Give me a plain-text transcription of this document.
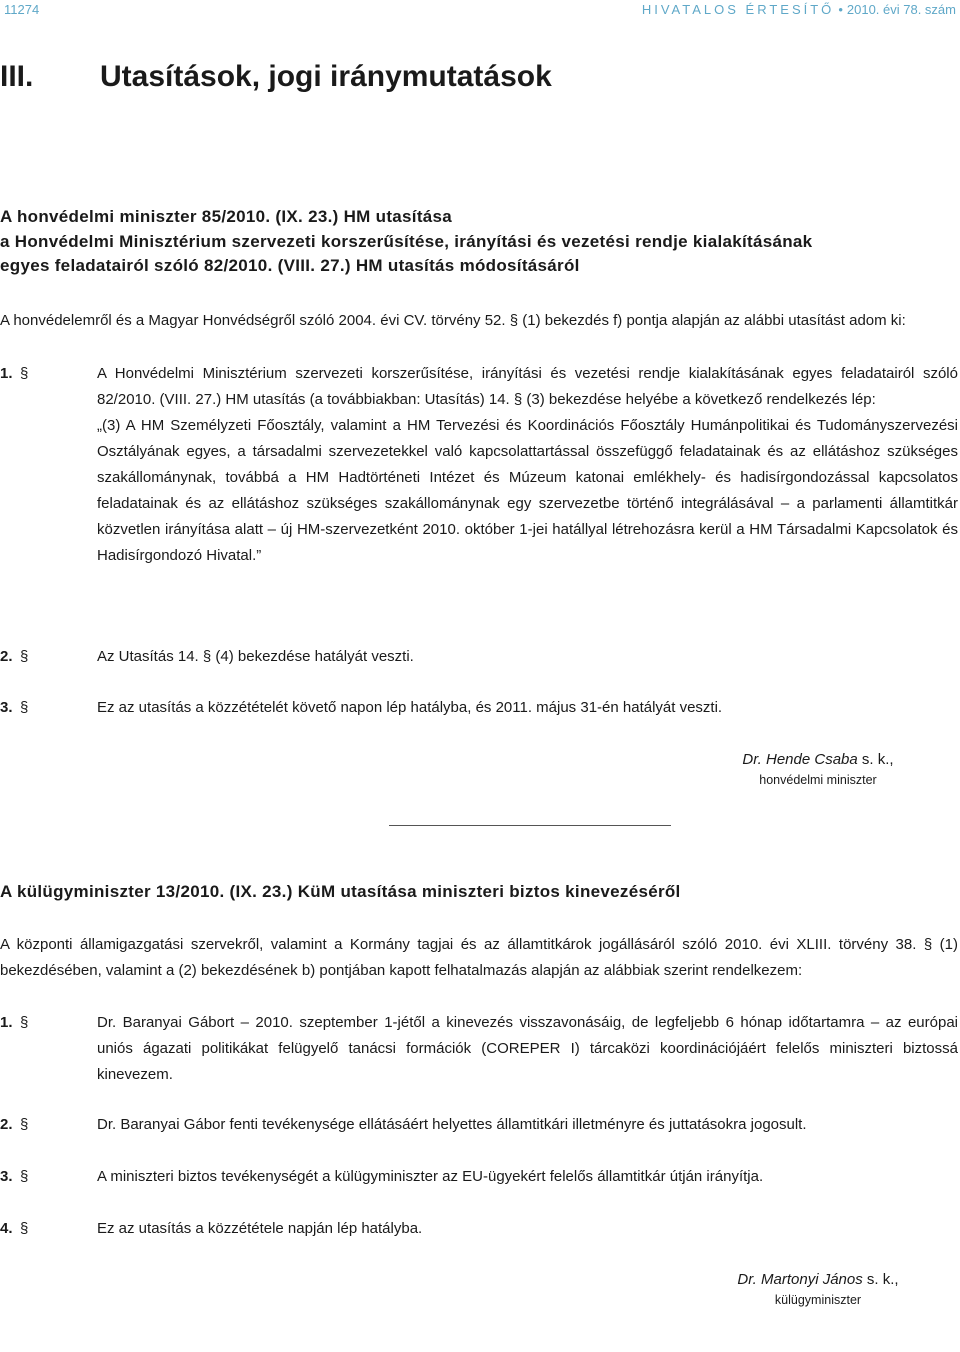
11274	HIVATALOS ÉRTESÍTŐ • 2010. évi 78. szám
III. Utasítások, jogi iránymutatások
A honvédelmi miniszter 85/2010. (IX. 23.) HM utasítása
a Honvédelmi Minisztérium szervezeti korszerűsítése, irányítási és vezetési rendje kialakításának
egyes feladatairól szóló 82/2010. (VIII. 27.) HM utasítás módosításáról
A honvédelemről és a Magyar Honvédségről szóló 2004. évi CV. törvény 52. § (1) bekezdés f) pontja alapján az alábbi utasítást adom ki:
1. §	A Honvédelmi Minisztérium szervezeti korszerűsítése, irányítási és vezetési rendje kialakításának egyes feladatairól szóló 82/2010. (VIII. 27.) HM utasítás (a továbbiakban: Utasítás) 14. § (3) bekezdése helyébe a következő rendelkezés lép:

„(3) A HM Személyzeti Főosztály, valamint a HM Tervezési és Koordinációs Főosztály Humánpolitikai és Tudományszervezési Osztályának egyes, a társadalmi szervezetekkel való kapcsolattartással összefüggő feladatainak és az ellátáshoz szükséges szakállománynak, továbbá a HM Hadtörténeti Intézet és Múzeum katonai emlékhely- és hadisírgondozással kapcsolatos feladatainak és az ellátáshoz szükséges szakállománynak egy szervezetbe történő integrálásával – a parlamenti államtitkár közvetlen irányítása alatt – új HM-szervezetként 2010. október 1-jei hatállyal létrehozásra kerül a HM Társadalmi Kapcsolatok és Hadisírgondozó Hivatal.”

2. §	Az Utasítás 14. § (4) bekezdése hatályát veszti.

3. §	Ez az utasítás a közzétételét követő napon lép hatályba, és 2011. május 31-én hatályát veszti.

Dr. Hende Csaba s. k.,
honvédelmi miniszter
A külügyminiszter 13/2010. (IX. 23.) KüM utasítása miniszteri biztos kinevezéséről
A központi államigazgatási szervekről, valamint a Kormány tagjai és az államtitkárok jogállásáról szóló 2010. évi XLIII. törvény 38. § (1) bekezdésében, valamint a (2) bekezdésének b) pontjában kapott felhatalmazás alapján az alábbiak szerint rendelkezem:
1. §	Dr. Baranyai Gábort – 2010. szeptember 1-jétől a kinevezés visszavonásáig, de legfeljebb 6 hónap időtartamra – az európai uniós ágazati politikákat felügyelő tanácsi formációk (COREPER I) tárcaközi koordinációjáért felelős miniszteri biztossá kinevezem.

2. §	Dr. Baranyai Gábor fenti tevékenysége ellátásáért helyettes államtitkári illetményre és juttatásokra jogosult.

3. §	A miniszteri biztos tevékenységét a külügyminiszter az EU-ügyekért felelős államtitkár útján irányítja.

4. §	Ez az utasítás a közzététele napján lép hatályba.

Dr. Martonyi János s. k.,
külügyminiszter
